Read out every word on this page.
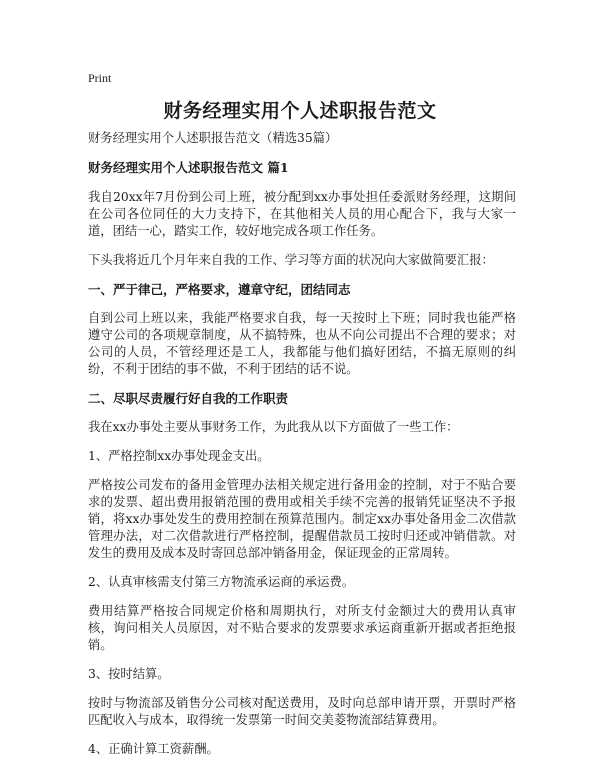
Print
财务经理实用个人述职报告范文

财务经理实用个人述职报告范文（精选35篇）

财务经理实用个人述职报告范文 篇1

我自20xx年7月份到公司上班，被分配到xx办事处担任委派财务经理，这期间在公司各位同任的大力支持下，在其他相关人员的用心配合下，我与大家一道，团结一心，踏实工作，较好地完成各项工作任务。

下头我将近几个月年来自我的工作、学习等方面的状况向大家做简要汇报：

一、严于律己，严格要求，遵章守纪，团结同志

自到公司上班以来，我能严格要求自我，每一天按时上下班；同时我也能严格遵守公司的各项规章制度，从不搞特殊，也从不向公司提出不合理的要求；对公司的人员，不管经理还是工人，我都能与他们搞好团结，不搞无原则的纠纷，不利于团结的事不做，不利于团结的话不说。

二、尽职尽责履行好自我的工作职责

我在xx办事处主要从事财务工作，为此我从以下方面做了一些工作：

1、严格控制xx办事处现金支出。

严格按公司发布的备用金管理办法相关规定进行备用金的控制，对于不贴合要求的发票、超出费用报销范围的费用或相关手续不完善的报销凭证坚决不予报销，将xx办事处发生的费用控制在预算范围内。制定xx办事处备用金二次借款管理办法，对二次借款进行严格控制，提醒借款员工按时归还或冲销借款。对发生的费用及成本及时寄回总部冲销备用金，保证现金的正常周转。

2、认真审核需支付第三方物流承运商的承运费。

费用结算严格按合同规定价格和周期执行，对所支付金额过大的费用认真审核，询问相关人员原因，对不贴合要求的发票要求承运商重新开据或者拒绝报销。

3、按时结算。

按时与物流部及销售分公司核对配送费用，及时向总部申请开票，开票时严格匹配收入与成本，取得统一发票第一时间交美菱物流部结算费用。

4、正确计算工资薪酬。
